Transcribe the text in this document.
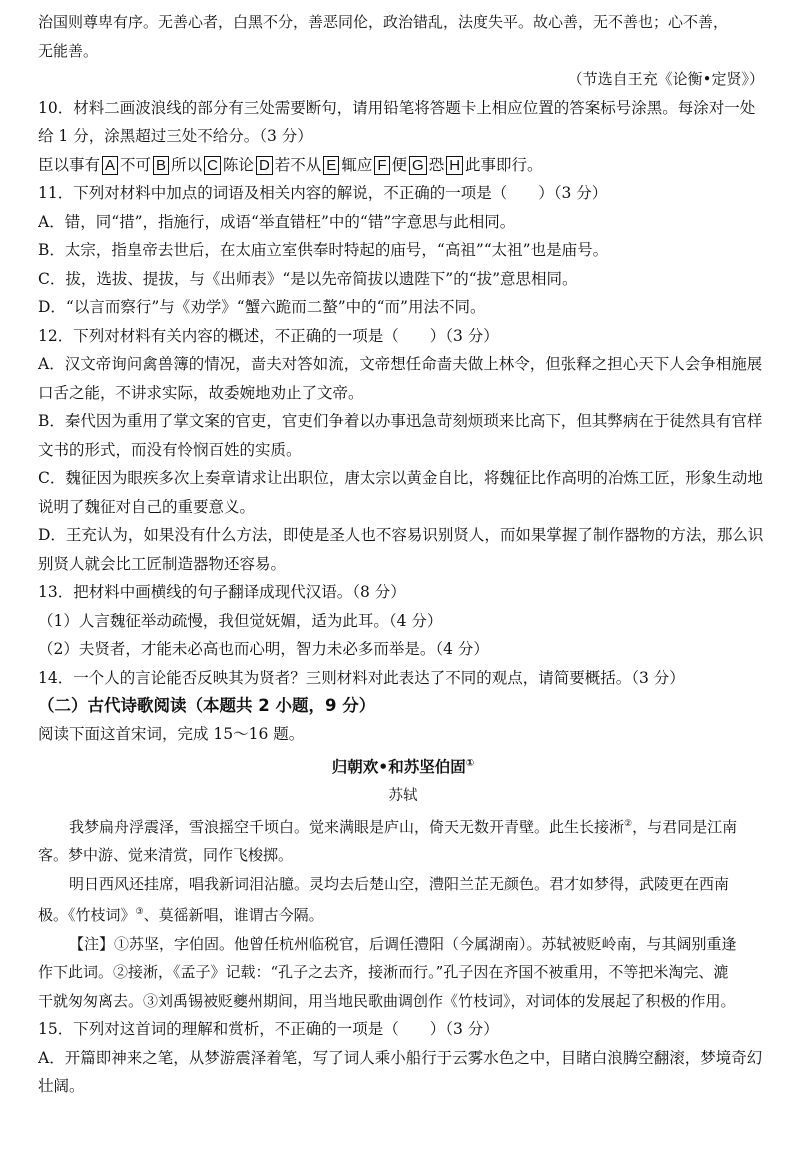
治国则尊卑有序。无善心者，白黑不分，善恶同伦，政治错乱，法度失平。故心善，无不善也；心不善，
无能善。
（节选自王充《论衡•定贤》）
10．材料二画波浪线的部分有三处需要断句，请用铅笔将答题卡上相应位置的答案标号涂黑。每涂对一处
给 1 分，涂黑超过三处不给分。（3 分）
臣以事有 A 不可 B 所以 C 陈论 D 若不从 E 辄应 F 便 G 恐 H 此事即行。
11．下列对材料中加点的词语及相关内容的解说，不正确的一项是（　　）（3 分）
A．错，同“措”，指施行，成语“举直错枉”中的“错”字意思与此相同。
B．太宗，指皇帝去世后，在太庙立室供奉时特起的庙号，“高祖”“太祖”也是庙号。
C．拔，选拔、提拔，与《出师表》“是以先帝简拔以遗陛下”的“拔”意思相同。
D．“以言而察行”与《劝学》“蟹六跪而二螯”中的“而”用法不同。
12．下列对材料有关内容的概述，不正确的一项是（　　）（3 分）
A．汉文帝询问禽兽簿的情况，啬夫对答如流，文帝想任命啬夫做上林令，但张释之担心天下人会争相施展
口舌之能，不讲求实际，故委婉地劝止了文帝。
B．秦代因为重用了掌文案的官吏，官吏们争着以办事迅急苛刻烦琐来比高下，但其弊病在于徒然具有官样
文书的形式，而没有怜悯百姓的实质。
C．魏征因为眼疾多次上奏章请求让出职位，唐太宗以黄金自比，将魏征比作高明的冶炼工匠，形象生动地
说明了魏征对自己的重要意义。
D．王充认为，如果没有什么方法，即使是圣人也不容易识别贤人，而如果掌握了制作器物的方法，那么识
别贤人就会比工匠制造器物还容易。
13．把材料中画横线的句子翻译成现代汉语。（8 分）
（1）人言魏征举动疏慢，我但觉妩媚，适为此耳。（4 分）
（2）夫贤者，才能未必高也而心明，智力未必多而举是。（4 分）
14．一个人的言论能否反映其为贤者？三则材料对此表达了不同的观点，请简要概括。（3 分）
（二）古代诗歌阅读（本题共 2 小题，9 分）
阅读下面这首宋词，完成 15～16 题。
归朝欢•和苏坚伯固①
苏轼
我梦扁舟浮震泽，雪浪摇空千顷白。觉来满眼是庐山，倚天无数开青壁。此生长接淅②，与君同是江南
客。梦中游、觉来清赏，同作飞梭掷。
明日西风还挂席，唱我新词泪沾臆。灵均去后楚山空，澧阳兰芷无颜色。君才如梦得，武陵更在西南
极。《竹枝词》③、莫徭新唱，谁谓古今隔。
【注】①苏坚，字伯固。他曾任杭州临税官，后调任澧阳（今属湖南）。苏轼被贬岭南，与其阔别重逢
作下此词。②接淅，《孟子》记载：“孔子之去齐，接淅而行。”孔子因在齐国不被重用，不等把米淘完、漉
干就匆匆离去。③刘禹锡被贬夔州期间，用当地民歌曲调创作《竹枝词》，对词体的发展起了积极的作用。
15．下列对这首词的理解和赏析，不正确的一项是（　　）（3 分）
A．开篇即神来之笔，从梦游震泽着笔，写了词人乘小船行于云雾水色之中，目睹白浪腾空翻滚，梦境奇幻
壮阔。
